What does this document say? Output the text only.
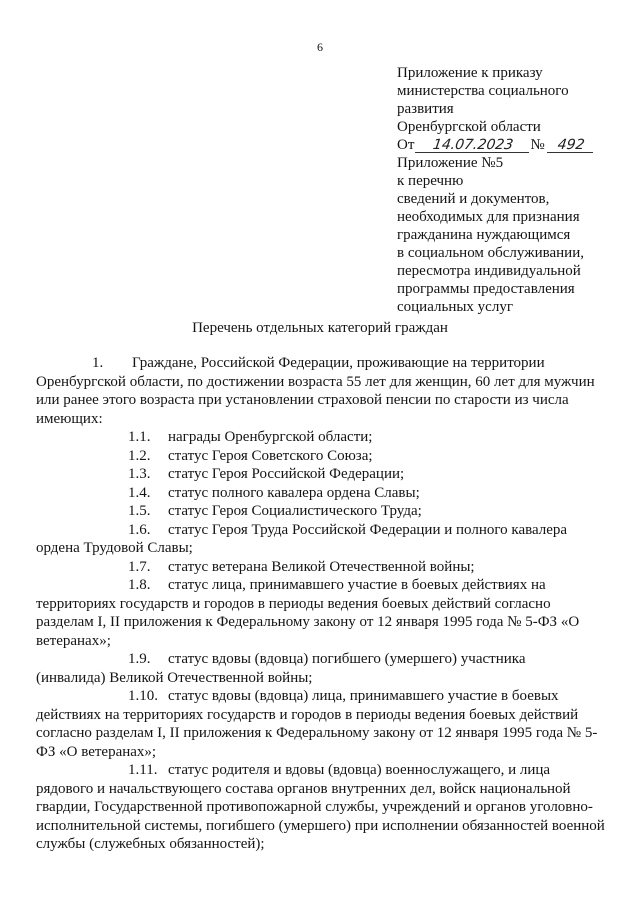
6
Приложение к приказу
министерства социального
развития
Оренбургской области
От	14.07.2023	№ 492
Приложение №5
к перечню
сведений и документов,
необходимых для признания
гражданина нуждающимся
в социальном обслуживании,
пересмотра индивидуальной
программы предоставления
социальных услуг
Перечень отдельных категорий граждан

1. Граждане, Российской Федерации, проживающие на территории

Оренбургской области, по достижении возраста 55 лет для женщин, 60 лет для мужчин или ранее этого возраста при установлении страховой пенсии по старости из числа имеющих:

1.1. награды Оренбургской области;

1.2. статус Героя Советского Союза;

1.3. статус Героя Российской Федерации;

1.4. статус полного кавалера ордена Славы;

1.5. статус Героя Социалистического Труда;

1.6. статус Героя Труда Российской Федерации и полного кавалера

ордена Трудовой Славы;

1.7. статус ветерана Великой Отечественной войны;

1.8. статус лица, принимавшего участие в боевых действиях на

территориях государств и городов в периоды ведения боевых действий согласно разделам I, II приложения к Федеральному закону от 12 января 1995 года № 5-ФЗ «О ветеранах»;

1.9. статус вдовы (вдовца) погибшего (умершего) участника

(инвалида) Великой Отечественной войны;

1.10. статус вдовы (вдовца) лица, принимавшего участие в боевых

действиях на территориях государств и городов в периоды ведения боевых действий согласно разделам I, II приложения к Федеральному закону от 12 января 1995 года № 5-ФЗ «О ветеранах»;

1.11. статус родителя и вдовы (вдовца) военнослужащего, и лица

рядового и начальствующего состава органов внутренних дел, войск национальной гвардии, Государственной противопожарной службы, учреждений и органов уголовно-исполнительной системы, погибшего (умершего) при исполнении обязанностей военной службы (служебных обязанностей);
